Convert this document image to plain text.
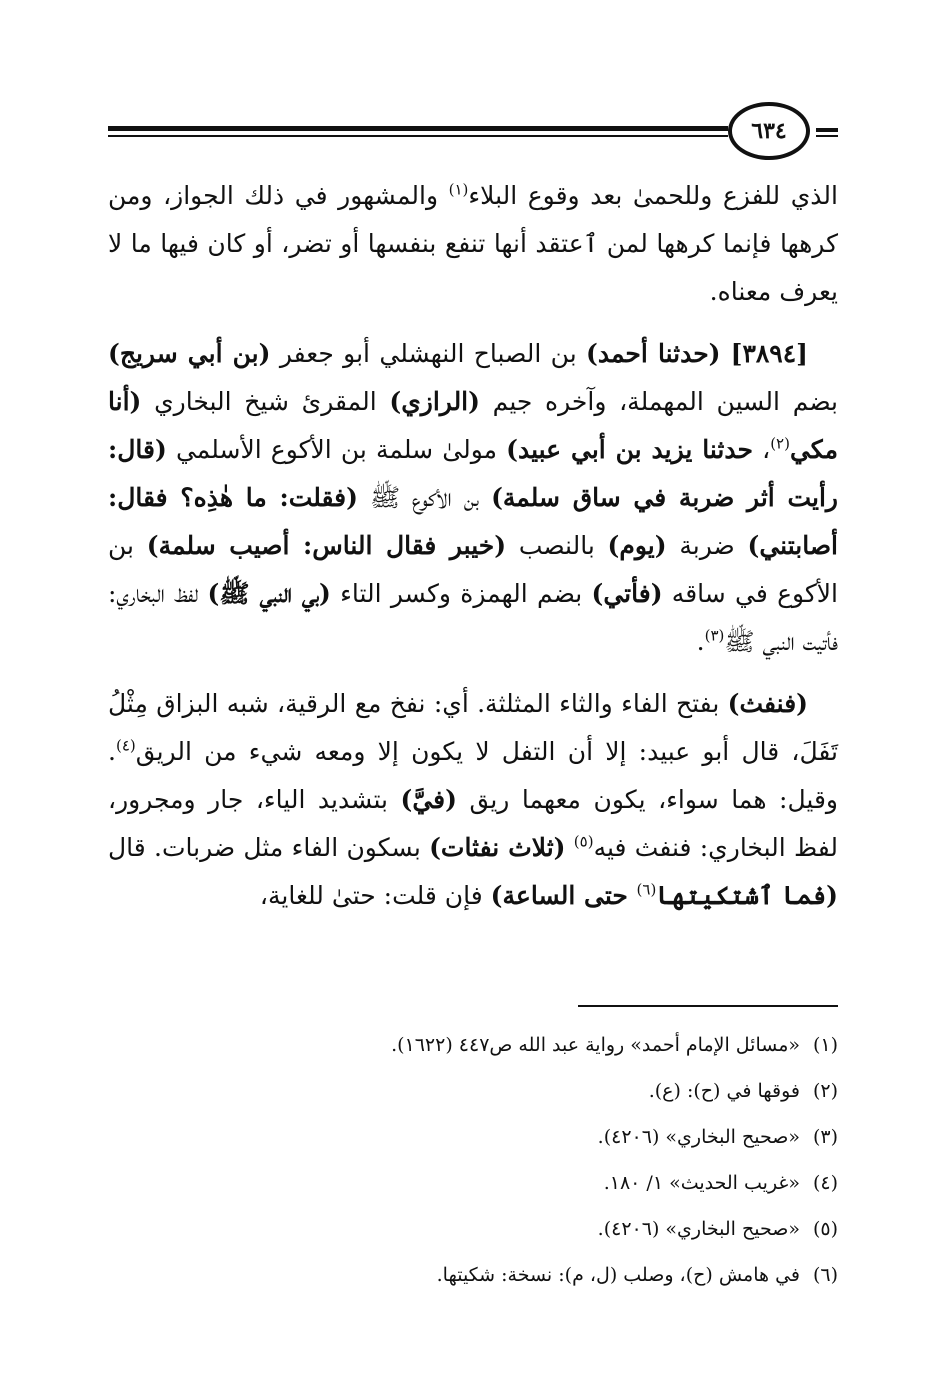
٦٣٤

الذي للفزع وللحمىٰ بعد وقوع البلاء$^{(١)}$ والمشهور في ذلك الجواز، ومن كرهها فإنما كرهها لمن ٱعتقد أنها تنفع بنفسها أو تضر، أو كان فيها ما لا يعرف معناه.

[٣٨٩٤] (حدثنا أحمد) بن الصباح النهشلي أبو جعفر (بن أبي سريج) بضم السين المهملة، وآخره جيم (الرازي) المقرئ شيخ البخاري (أنا مكي$^{(٢)}$، حدثنا يزيد بن أبي عبيد) مولىٰ سلمة بن الأكوع الأسلمي (قال: رأيت أثر ضربة في ساق سلمة) بن الأكوع ﷺ (فقلت: ما هٰذِه؟ فقال: أصابتني) ضربة (يوم) بالنصب (خيبر فقال الناس: أصيب سلمة) بن الأكوع في ساقه (فأتي) بضم الهمزة وكسر التاء (بي النبي ﷺ) لفظ البخاري: فأتيت النبي ﷺ$^{(٣)}$.

(فنفث) بفتح الفاء والثاء المثلثة. أي: نفخ مع الرقية، شبه البزاق مِثْلُ تَفَلَ، قال أبو عبيد: إلا أن التفل لا يكون إلا ومعه شيء من الريق$^{(٤)}$. وقيل: هما سواء، يكون معهما ريق (فيَّ) بتشديد الياء، جار ومجرور، لفظ البخاري: فنفث فيه$^{(٥)}$ (ثلاث نفثات) بسكون الفاء مثل ضربات. قال (فما ٱشتكيتها$^{(٦)}$ حتى الساعة) فإن قلت: حتىٰ للغاية،

(١)«مسائل الإمام أحمد» رواية عبد الله ص٤٤٧ (١٦٢٢).
(٢)فوقها في (ح): (ع).
(٣)«صحيح البخاري» (٤٢٠٦).
(٤)«غريب الحديث» ١/ ١٨٠.
(٥)«صحيح البخاري» (٤٢٠٦).
(٦)في هامش (ح)، وصلب (ل، م): نسخة: شكيتها.
